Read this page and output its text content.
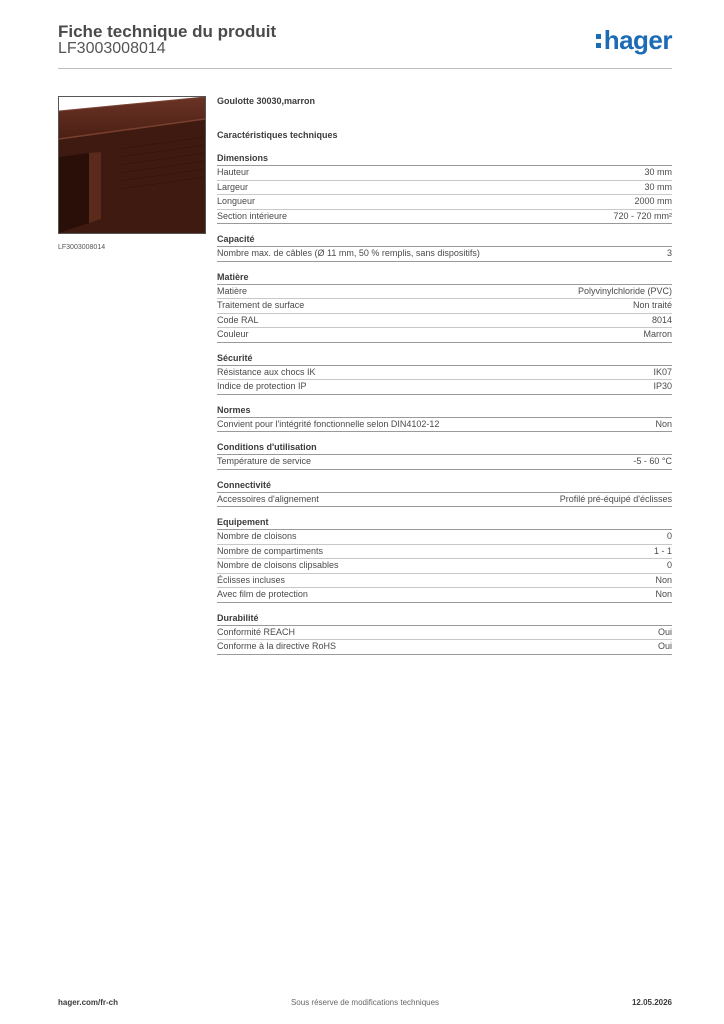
Fiche technique du produit
LF3003008014	hager
LF3003008014
Goulotte 30030,marron
Caractéristiques techniques
Dimensions
Hauteur	30 mm
Largeur	30 mm
Longueur	2000 mm
Section intérieure	720 - 720 mm²
Capacité
Nombre max. de câbles (Ø 11 mm, 50 % remplis, sans dispositifs)	3
Matière
Matière	Polyvinylchloride (PVC)
Traitement de surface	Non traité
Code RAL	8014
Couleur	Marron
Sécurité
Résistance aux chocs IK	IK07
Indice de protection IP	IP30
Normes
Convient pour l'intégrité fonctionnelle selon DIN4102-12	Non
Conditions d'utilisation
Température de service	-5 - 60 °C
Connectivité
Accessoires d'alignement	Profilé pré-équipé d'éclisses
Equipement
Nombre de cloisons	0
Nombre de compartiments	1 - 1
Nombre de cloisons clipsables	0
Éclisses incluses	Non
Avec film de protection	Non
Durabilité
Conformité REACH	Oui
Conforme à la directive RoHS	Oui
hager.com/fr-ch	Sous réserve de modifications techniques	12.05.2026
